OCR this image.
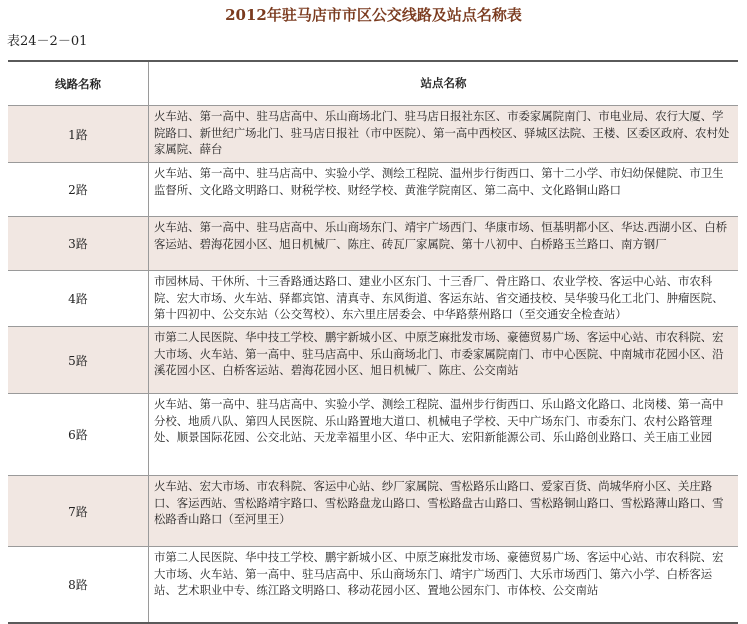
2012年驻马店市市区公交线路及站点名称表
表24－2－01
线路名称	站点名称
1路
火车站、第一高中、驻马店高中、乐山商场北门、驻马店日报社东区、市委家属院南门、市电业局、农行大厦、学院路口、新世纪广场北门、驻马店日报社（市中医院）、第一高中西校区、驿城区法院、王楼、区委区政府、农村处家属院、薛台
2路
火车站、第一高中、驻马店高中、实验小学、测绘工程院、温州步行街西口、第十二小学、市妇幼保健院、市卫生监督所、文化路文明路口、财税学校、财经学校、黄淮学院南区、第二高中、文化路铜山路口
3路
火车站、第一高中、驻马店高中、乐山商场东门、靖宇广场西门、华康市场、恒基明都小区、华达.西湖小区、白桥客运站、碧海花园小区、旭日机械厂、陈庄、砖瓦厂家属院、第十八初中、白桥路玉兰路口、南方钢厂
4路
市园林局、干休所、十三香路通达路口、建业小区东门、十三香厂、骨庄路口、农业学校、客运中心站、市农科院、宏大市场、火车站、驿都宾馆、清真寺、东风街道、客运东站、省交通技校、吴华骏马化工北门、肿瘤医院、第十四初中、公交东站（公交驾校）、东六里庄居委会、中华路蔡州路口（至交通安全检查站）
5路
市第二人民医院、华中技工学校、鹏宇新城小区、中原芝麻批发市场、豪德贸易广场、客运中心站、市农科院、宏大市场、火车站、第一高中、驻马店高中、乐山商场北门、市委家属院南门、市中心医院、中南城市花园小区、沿溪花园小区、白桥客运站、碧海花园小区、旭日机械厂、陈庄、公交南站
6路
火车站、第一高中、驻马店高中、实验小学、测绘工程院、温州步行街西口、乐山路文化路口、北岗楼、第一高中分校、地质八队、第四人民医院、乐山路置地大道口、机械电子学校、天中广场东门、市委东门、农村公路管理处、顺景国际花园、公交北站、天龙幸福里小区、华中正大、宏阳新能源公司、乐山路创业路口、关王庙工业园
7路
火车站、宏大市场、市农科院、客运中心站、纱厂家属院、雪松路乐山路口、爱家百货、尚城华府小区、关庄路口、客运西站、雪松路靖宇路口、雪松路盘龙山路口、雪松路盘古山路口、雪松路铜山路口、雪松路薄山路口、雪松路香山路口（至河里王）
8路
市第二人民医院、华中技工学校、鹏宇新城小区、中原芝麻批发市场、豪德贸易广场、客运中心站、市农科院、宏大市场、火车站、第一高中、驻马店高中、乐山商场东门、靖宇广场西门、大乐市场西门、第六小学、白桥客运站、艺术职业中专、练江路文明路口、移动花园小区、置地公园东门、市体校、公交南站
